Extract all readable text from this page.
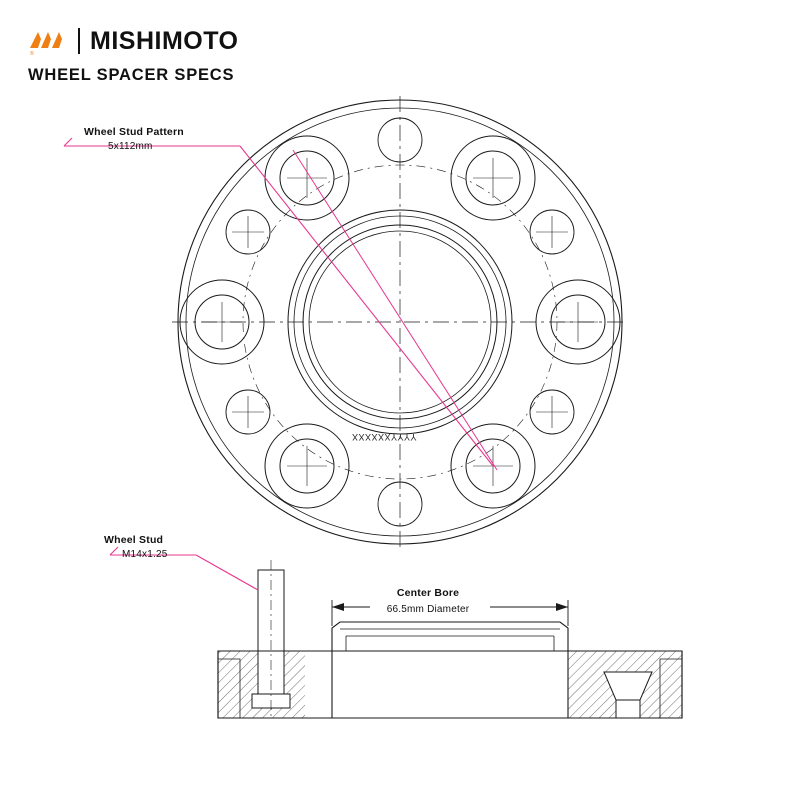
® MISHIMOTO
WHEEL SPACER SPECS
Wheel Stud Pattern
5x112mm
Wheel Stud
M14x1.25
Center Bore
66.5mm Diameter
XXXXXXYYYY
